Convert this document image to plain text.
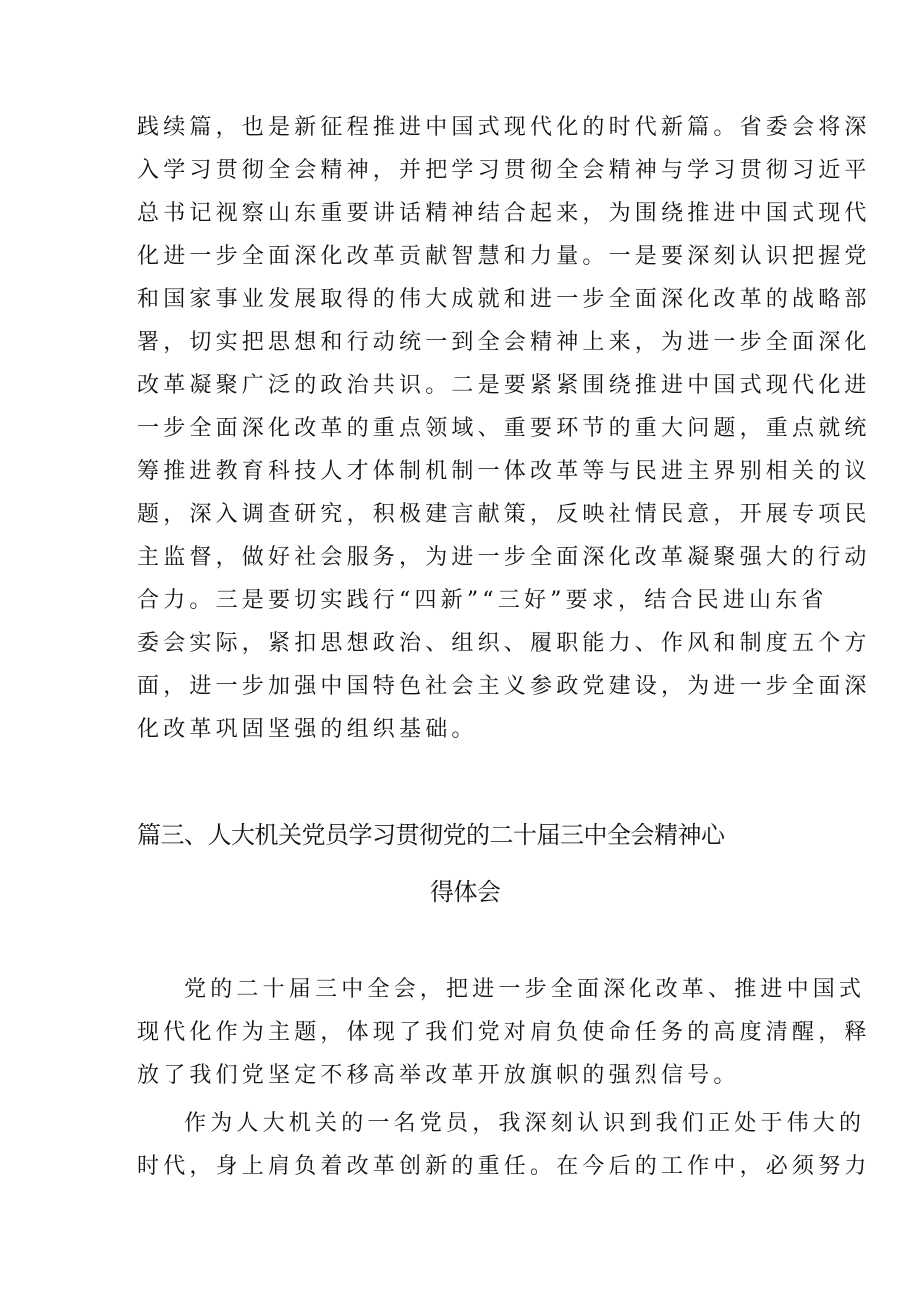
践续篇，也是新征程推进中国式现代化的时代新篇。省委会将深
入学习贯彻全会精神，并把学习贯彻全会精神与学习贯彻习近平
总书记视察山东重要讲话精神结合起来，为围绕推进中国式现代
化进一步全面深化改革贡献智慧和力量。一是要深刻认识把握党
和国家事业发展取得的伟大成就和进一步全面深化改革的战略部
署，切实把思想和行动统一到全会精神上来，为进一步全面深化
改革凝聚广泛的政治共识。二是要紧紧围绕推进中国式现代化进
一步全面深化改革的重点领域、重要环节的重大问题，重点就统
筹推进教育科技人才体制机制一体改革等与民进主界别相关的议
题，深入调查研究，积极建言献策，反映社情民意，开展专项民
主监督，做好社会服务，为进一步全面深化改革凝聚强大的行动
合力。三是要切实践行“四新”“三好”要求，结合民进山东省
委会实际，紧扣思想政治、组织、履职能力、作风和制度五个方
面，进一步加强中国特色社会主义参政党建设，为进一步全面深
化改革巩固坚强的组织基础。
篇三、人大机关党员学习贯彻党的二十届三中全会精神心
得体会
党的二十届三中全会，把进一步全面深化改革、推进中国式
现代化作为主题，体现了我们党对肩负使命任务的高度清醒，释
放了我们党坚定不移高举改革开放旗帜的强烈信号。
作为人大机关的一名党员，我深刻认识到我们正处于伟大的
时代，身上肩负着改革创新的重任。在今后的工作中，必须努力
